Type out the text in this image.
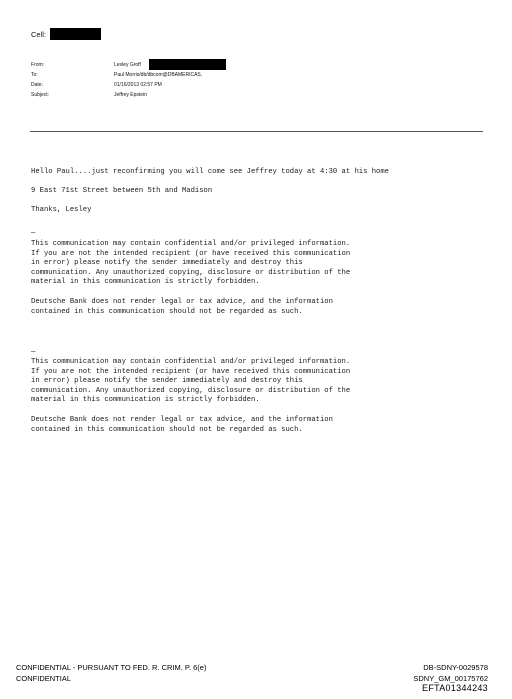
Cell:
From:	Lesley Groff
To:	Paul Morris/db/dbcom@DBAMERICAS,
Date:	01/16/2013 02:57 PM
Subject:	Jeffrey Epstein
Hello Paul....just reconfirming you will come see Jeffrey today at 4:30 at his home
9 East 71st Street between 5th and Madison
Thanks, Lesley
—
This communication may contain confidential and/or privileged information.
If you are not the intended recipient (or have received this communication
in error) please notify the sender immediately and destroy this
communication. Any unauthorized copying, disclosure or distribution of the
material in this communication is strictly forbidden.
Deutsche Bank does not render legal or tax advice, and the information
contained in this communication should not be regarded as such.
—
This communication may contain confidential and/or privileged information.
If you are not the intended recipient (or have received this communication
in error) please notify the sender immediately and destroy this
communication. Any unauthorized copying, disclosure or distribution of the
material in this communication is strictly forbidden.
Deutsche Bank does not render legal or tax advice, and the information
contained in this communication should not be regarded as such.
CONFIDENTIAL - PURSUANT TO FED. R. CRIM. P. 6(e)
CONFIDENTIAL
DB-SDNY-0029578
SDNY_GM_00175762
EFTA01344243
